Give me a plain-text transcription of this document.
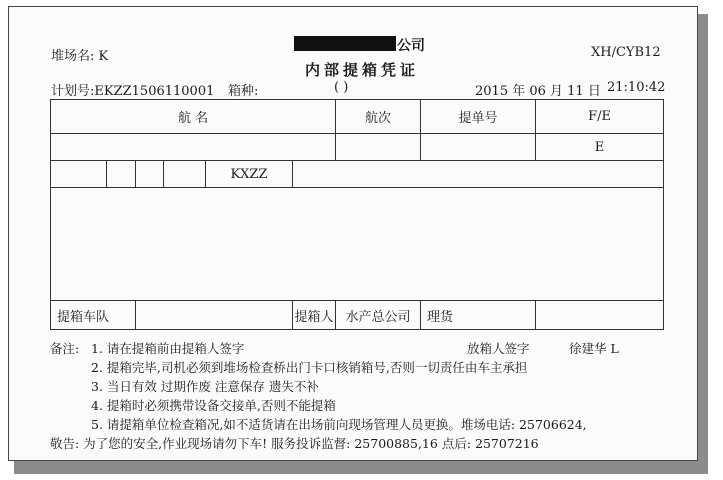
公司
内部提箱凭证
堆场名: K	XH/CYB12
计划号:EKZZ1506110001 箱种:	( )	2015 年 06 月 11 日 21:10:42
航 名						航次	提单号	F/E
								E
				KXZZ				

提箱车队					提箱人	水产总公司	理货	
备注: 1. 请在提箱前由提箱人签字	放箱人签字	徐建华 L
2. 提箱完毕,司机必须到堆场检查桥出门卡口核销箱号,否则一切责任由车主承担
3. 当日有效 过期作废 注意保存 遗失不补
4. 提箱时必须携带设备交接单,否则不能提箱
5. 请提箱单位检查箱况,如不适货请在出场前向现场管理人员更换。堆场电话: 25706624,
敬告: 为了您的安全,作业现场请勿下车! 服务投诉监督: 25700885,16 点后: 25707216
